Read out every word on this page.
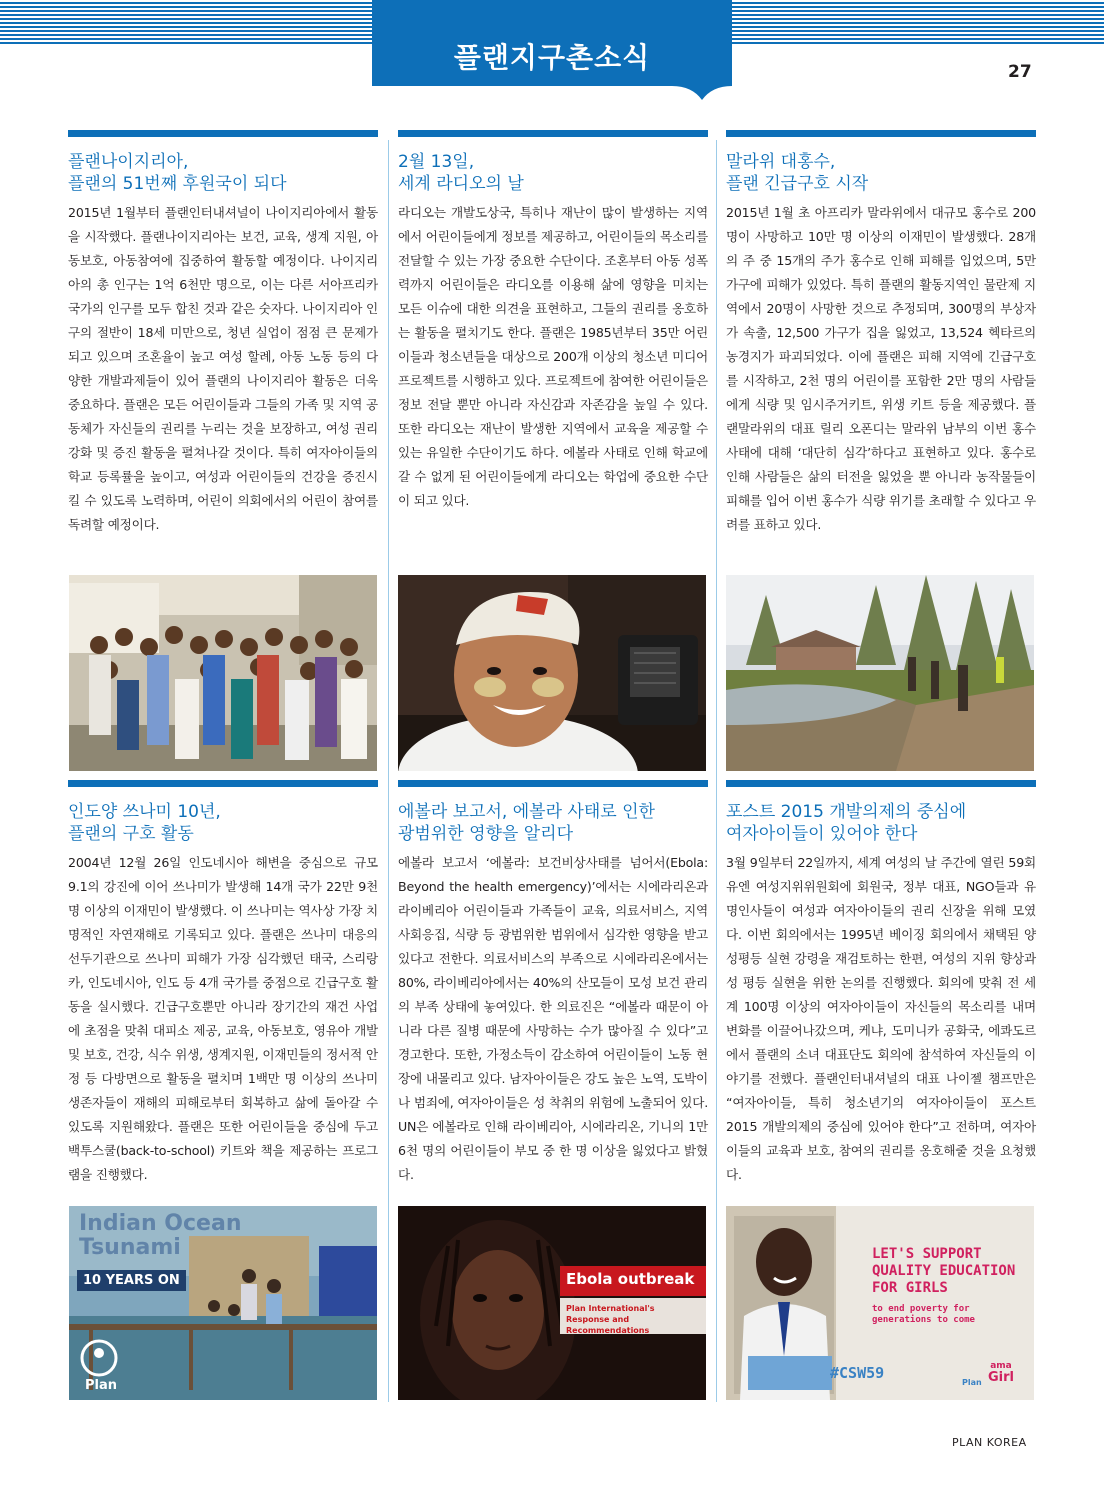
플랜지구촌소식	27
플랜나이지리아,
플랜의 51번째 후원국이 되다

2015년 1월부터 플랜인터내셔널이 나이지리아에서 활동을 시작했다. 플랜나이지리아는 보건, 교육, 생계 지원, 아동보호, 아동참여에 집중하여 활동할 예정이다. 나이지리아의 총 인구는 1억 6천만 명으로, 이는 다른 서아프리카 국가의 인구를 모두 합친 것과 같은 숫자다. 나이지리아 인구의 절반이 18세 미만으로, 청년 실업이 점점 큰 문제가 되고 있으며 조혼율이 높고 여성 할례, 아동 노동 등의 다양한 개발과제들이 있어 플랜의 나이지리아 활동은 더욱 중요하다. 플랜은 모든 어린이들과 그들의 가족 및 지역 공동체가 자신들의 권리를 누리는 것을 보장하고, 여성 권리 강화 및 증진 활동을 펼쳐나갈 것이다. 특히 여자아이들의 학교 등록률을 높이고, 여성과 어린이들의 건강을 증진시킬 수 있도록 노력하며, 어린이 의회에서의 어린이 참여를 독려할 예정이다.

2월 13일,
세계 라디오의 날

라디오는 개발도상국, 특히나 재난이 많이 발생하는 지역에서 어린이들에게 정보를 제공하고, 어린이들의 목소리를 전달할 수 있는 가장 중요한 수단이다. 조혼부터 아동 성폭력까지 어린이들은 라디오를 이용해 삶에 영향을 미치는 모든 이슈에 대한 의견을 표현하고, 그들의 권리를 옹호하는 활동을 펼치기도 한다. 플랜은 1985년부터 35만 어린이들과 청소년들을 대상으로 200개 이상의 청소년 미디어 프로젝트를 시행하고 있다. 프로젝트에 참여한 어린이들은 정보 전달 뿐만 아니라 자신감과 자존감을 높일 수 있다. 또한 라디오는 재난이 발생한 지역에서 교육을 제공할 수 있는 유일한 수단이기도 하다. 에볼라 사태로 인해 학교에 갈 수 없게 된 어린이들에게 라디오는 학업에 중요한 수단이 되고 있다.

말라위 대홍수,
플랜 긴급구호 시작

2015년 1월 초 아프리카 말라위에서 대규모 홍수로 200명이 사망하고 10만 명 이상의 이재민이 발생했다. 28개의 주 중 15개의 주가 홍수로 인해 피해를 입었으며, 5만 가구에 피해가 있었다. 특히 플랜의 활동지역인 물란제 지역에서 20명이 사망한 것으로 추정되며, 300명의 부상자가 속출, 12,500 가구가 집을 잃었고, 13,524 헥타르의 농경지가 파괴되었다. 이에 플랜은 피해 지역에 긴급구호를 시작하고, 2천 명의 어린이를 포함한 2만 명의 사람들에게 식량 및 임시주거키트, 위생 키트 등을 제공했다. 플랜말라위의 대표 릴리 오폰디는 말라위 남부의 이번 홍수 사태에 대해 ‘대단히 심각’하다고 표현하고 있다. 홍수로 인해 사람들은 삶의 터전을 잃었을 뿐 아니라 농작물들이 피해를 입어 이번 홍수가 식량 위기를 초래할 수 있다고 우려를 표하고 있다.

인도양 쓰나미 10년,
플랜의 구호 활동

2004년 12월 26일 인도네시아 해변을 중심으로 규모 9.1의 강진에 이어 쓰나미가 발생해 14개 국가 22만 9천 명 이상의 이재민이 발생했다. 이 쓰나미는 역사상 가장 치명적인 자연재해로 기록되고 있다. 플랜은 쓰나미 대응의 선두기관으로 쓰나미 피해가 가장 심각했던 태국, 스리랑카, 인도네시아, 인도 등 4개 국가를 중점으로 긴급구호 활동을 실시했다. 긴급구호뿐만 아니라 장기간의 재건 사업에 초점을 맞춰 대피소 제공, 교육, 아동보호, 영유아 개발 및 보호, 건강, 식수 위생, 생계지원, 이재민들의 정서적 안정 등 다방면으로 활동을 펼치며 1백만 명 이상의 쓰나미 생존자들이 재해의 피해로부터 회복하고 삶에 돌아갈 수 있도록 지원해왔다. 플랜은 또한 어린이들을 중심에 두고 백투스쿨(back-to-school) 키트와 책을 제공하는 프로그램을 진행했다.

에볼라 보고서, 에볼라 사태로 인한
광범위한 영향을 알리다

에볼라 보고서 ‘에볼라: 보건비상사태를 넘어서(Ebola: Beyond the health emergency)’에서는 시에라리온과 라이베리아 어린이들과 가족들이 교육, 의료서비스, 지역사회응집, 식량 등 광범위한 범위에서 심각한 영향을 받고 있다고 전한다. 의료서비스의 부족으로 시에라리온에서는 80%, 라이베리아에서는 40%의 산모들이 모성 보건 관리의 부족 상태에 놓여있다. 한 의료진은 “에볼라 때문이 아니라 다른 질병 때문에 사망하는 수가 많아질 수 있다”고 경고한다. 또한, 가정소득이 감소하여 어린이들이 노동 현장에 내몰리고 있다. 남자아이들은 강도 높은 노역, 도박이나 범죄에, 여자아이들은 성 착취의 위험에 노출되어 있다. UN은 에볼라로 인해 라이베리아, 시에라리온, 기니의 1만 6천 명의 어린이들이 부모 중 한 명 이상을 잃었다고 밝혔다.

포스트 2015 개발의제의 중심에
여자아이들이 있어야 한다

3월 9일부터 22일까지, 세계 여성의 날 주간에 열린 59회 유엔 여성지위위원회에 회원국, 정부 대표, NGO들과 유명인사들이 여성과 여자아이들의 권리 신장을 위해 모였다. 이번 회의에서는 1995년 베이징 회의에서 채택된 양성평등 실현 강령을 재검토하는 한편, 여성의 지위 향상과 성 평등 실현을 위한 논의를 진행했다. 회의에 맞춰 전 세계 100명 이상의 여자아이들이 자신들의 목소리를 내며 변화를 이끌어나갔으며, 케냐, 도미니카 공화국, 에콰도르에서 플랜의 소녀 대표단도 회의에 참석하여 자신들의 이야기를 전했다. 플랜인터내셔널의 대표 나이젤 챔프만은 “여자아이들, 특히 청소년기의 여자아이들이 포스트 2015 개발의제의 중심에 있어야 한다”고 전하며, 여자아이들의 교육과 보호, 참여의 권리를 옹호해줄 것을 요청했다.

Indian Ocean
Tsunami
10 YEARS ON
Plan
Ebola outbreak
Plan International's
Response and Recommendations
LET'S SUPPORT
QUALITY EDUCATION
FOR GIRLS
to end poverty for
generations to come
#CSW59
Plan
ama
Girl
PLAN KOREA
